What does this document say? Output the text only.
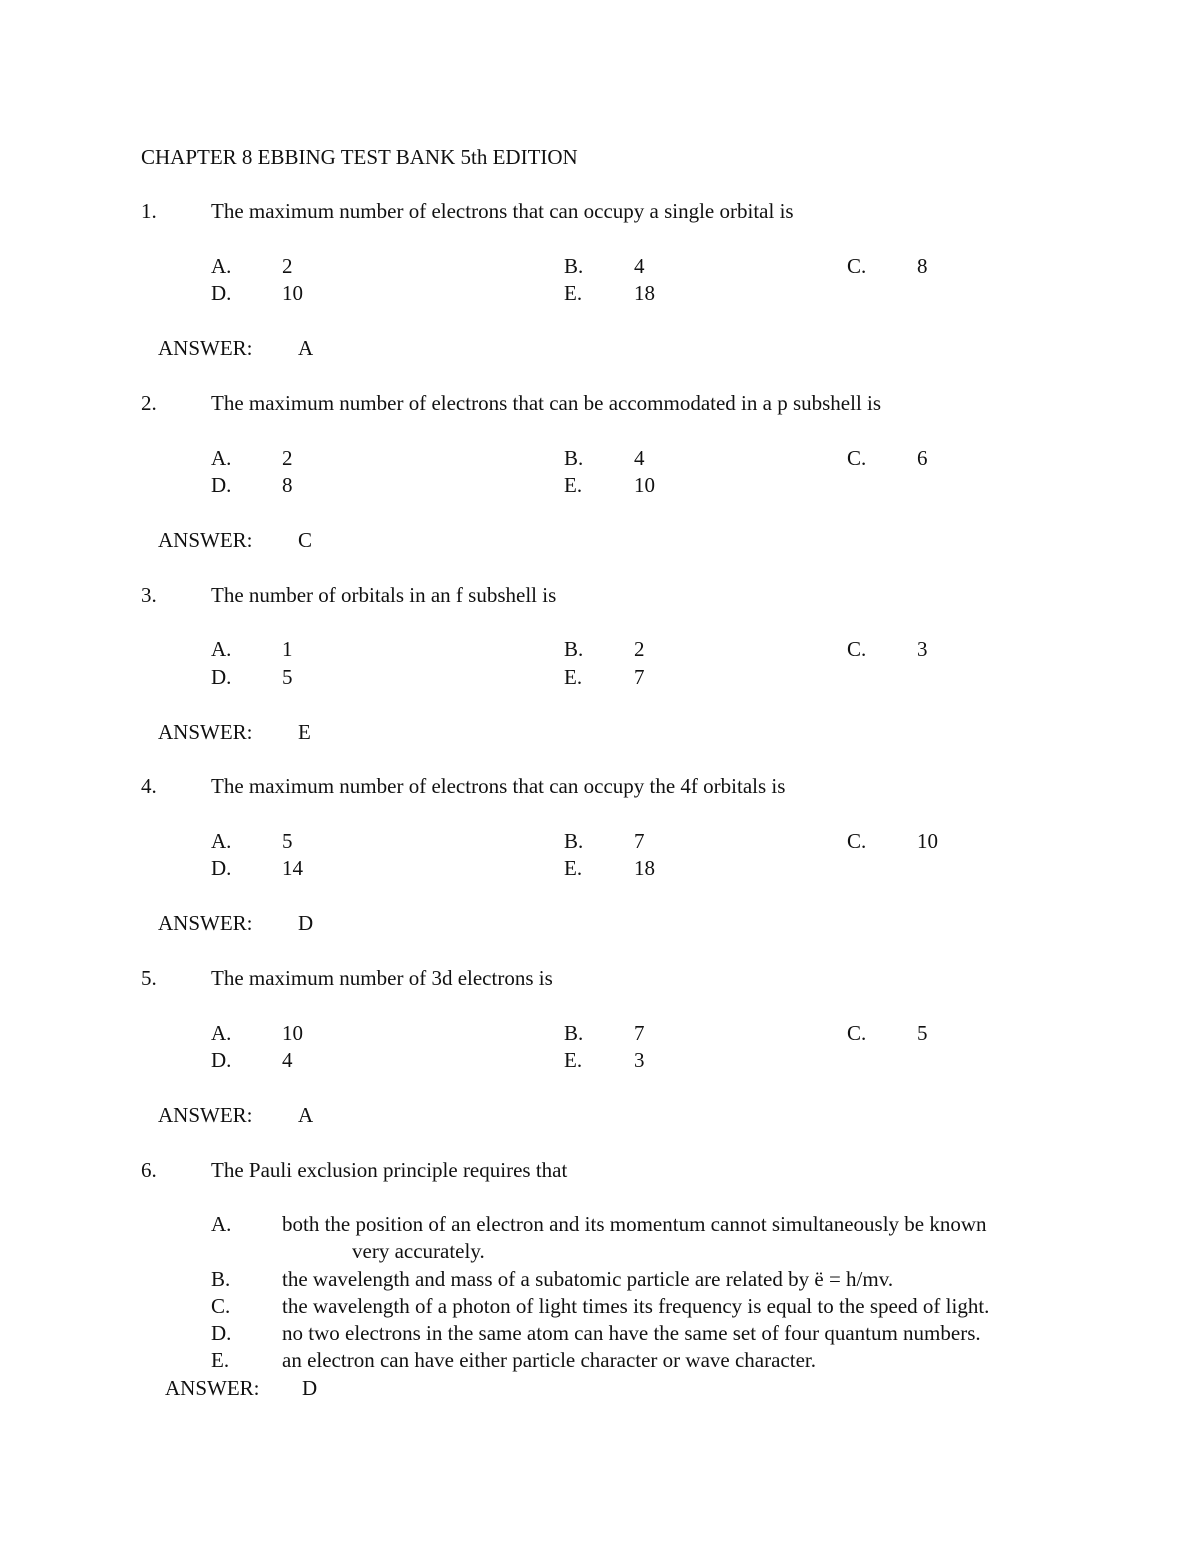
CHAPTER 8 EBBING TEST BANK 5th EDITION
1.	The maximum number of electrons that can occupy a single orbital is
A. 2	B. 4	C. 8
D. 10	E. 18
ANSWER: A
2.	The maximum number of electrons that can be accommodated in a p subshell is
A. 2	B. 4	C. 6
D. 8	E. 10
ANSWER: C
3.	The number of orbitals in an f subshell is
A. 1	B. 2	C. 3
D. 5	E. 7
ANSWER: E
4.	The maximum number of electrons that can occupy the 4f orbitals is
A. 5	B. 7	C. 10
D. 14	E. 18
ANSWER: D
5.	The maximum number of 3d electrons is
A. 10	B. 7	C. 5
D. 4	E. 3
ANSWER: A
6.	The Pauli exclusion principle requires that
A. both the position of an electron and its momentum cannot simultaneously be known
very accurately.
B. the wavelength and mass of a subatomic particle are related by ë = h/mv.
C. the wavelength of a photon of light times its frequency is equal to the speed of light.
D. no two electrons in the same atom can have the same set of four quantum numbers.
E.	an electron can have either particle character or wave character.
ANSWER: D
